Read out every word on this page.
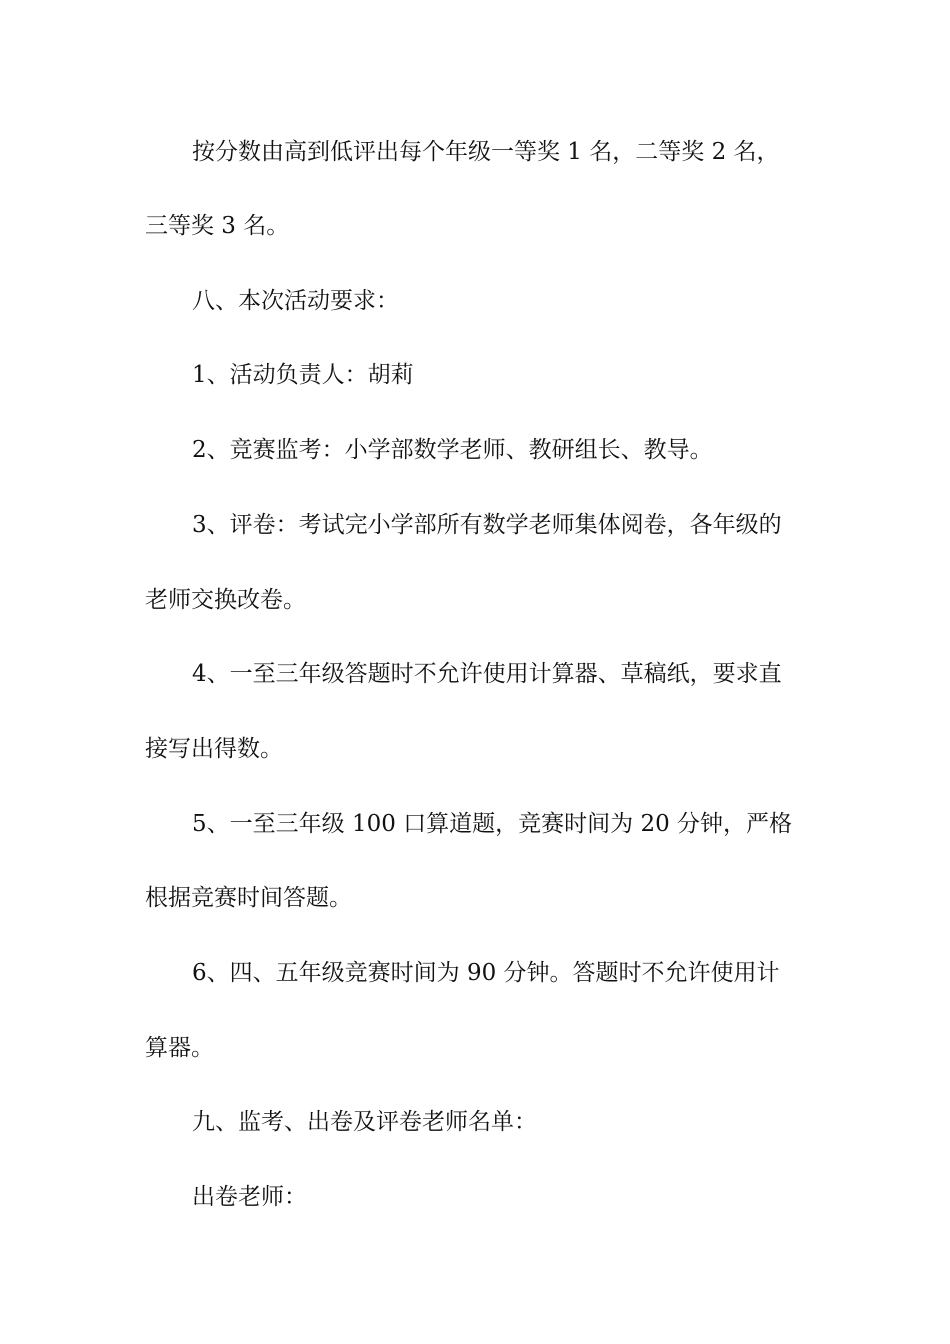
按分数由高到低评出每个年级一等奖 1 名，二等奖 2 名，
三等奖 3 名。
八、本次活动要求：
1、活动负责人：胡莉
2、竞赛监考：小学部数学老师、教研组长、教导。
3、评卷：考试完小学部所有数学老师集体阅卷，各年级的
老师交换改卷。
4、一至三年级答题时不允许使用计算器、草稿纸，要求直
接写出得数。
5、一至三年级 100 口算道题，竞赛时间为 20 分钟，严格
根据竞赛时间答题。
6、四、五年级竞赛时间为 90 分钟。答题时不允许使用计
算器。
九、监考、出卷及评卷老师名单：
出卷老师：
